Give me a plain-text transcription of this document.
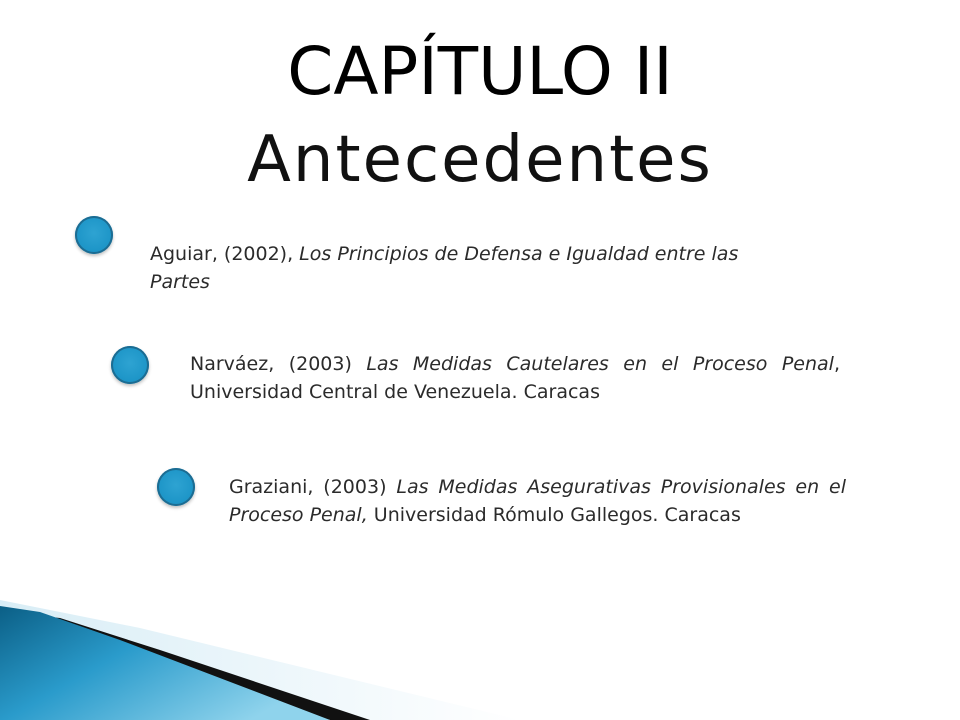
CAPÍTULO II
Antecedentes
Aguiar, (2002), Los Principios de Defensa e Igualdad entre las Partes
Narváez, (2003) Las Medidas Cautelares en el Proceso Penal, Universidad Central de Venezuela. Caracas
Graziani, (2003) Las Medidas Asegurativas Provisionales en el Proceso Penal, Universidad Rómulo Gallegos. Caracas
